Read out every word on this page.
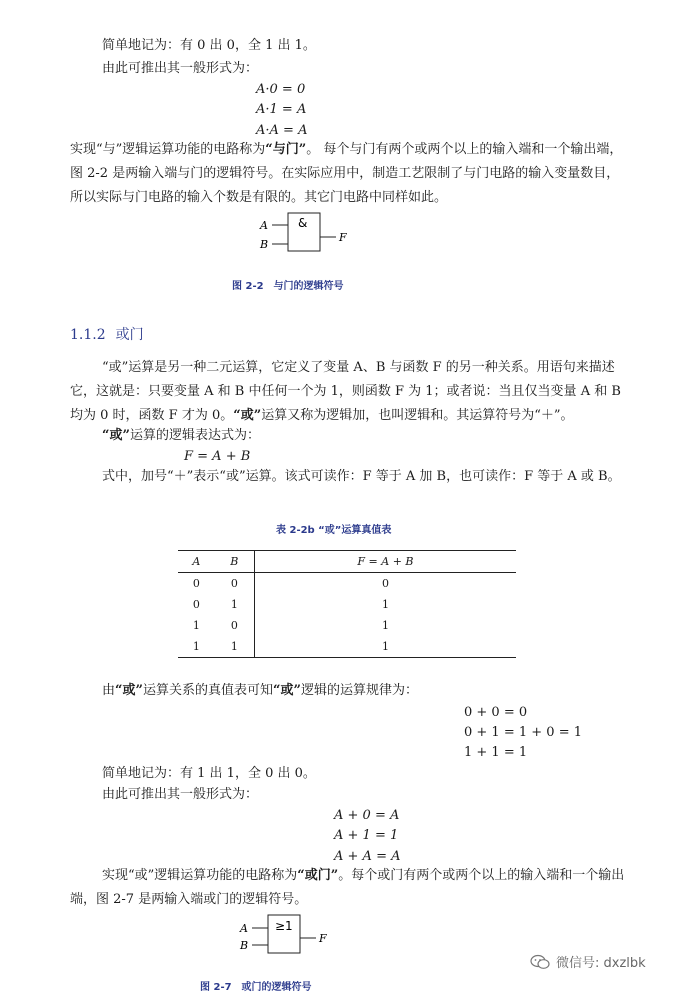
简单地记为：有 0 出 0，全 1 出 1。
由此可推出其一般形式为：
A·0 = 0
A·1 = A
A·A = A
实现“与”逻辑运算功能的电路称为“与门”。 每个与门有两个或两个以上的输入端和一个输出端，图 2-2 是两输入端与门的逻辑符号。在实际应用中，制造工艺限制了与门电路的输入变量数目，所以实际与门电路的输入个数是有限的。其它门电路中同样如此。
A
B
&
F
图 2-2　与门的逻辑符号
1.1.2 或门
“或”运算是另一种二元运算，它定义了变量 A、B 与函数 F 的另一种关系。用语句来描述它，这就是：只要变量 A 和 B 中任何一个为 1，则函数 F 为 1；或者说：当且仅当变量 A 和 B 均为 0 时，函数 F 才为 0。“或”运算又称为逻辑加，也叫逻辑和。其运算符号为“＋”。
“或”运算的逻辑表达式为：
F = A + B
式中，加号“＋”表示“或”运算。该式可读作：F 等于 A 加 B，也可读作：F 等于 A 或 B。
表 2-2b “或”运算真值表
A	B	F = A + B
0	0	0
0	1	1
1	0	1
1	1	1
由“或”运算关系的真值表可知“或”逻辑的运算规律为：
0 + 0 = 0
0 + 1 = 1 + 0 = 1
1 + 1 = 1
简单地记为：有 1 出 1，全 0 出 0。
由此可推出其一般形式为：
A + 0 = A
A + 1 = 1
A + A = A
实现“或”逻辑运算功能的电路称为“或门”。每个或门有两个或两个以上的输入端和一个输出端，图 2-7 是两输入端或门的逻辑符号。
A
B
≥1
F
图 2-7　或门的逻辑符号
微信号: dxzlbk
